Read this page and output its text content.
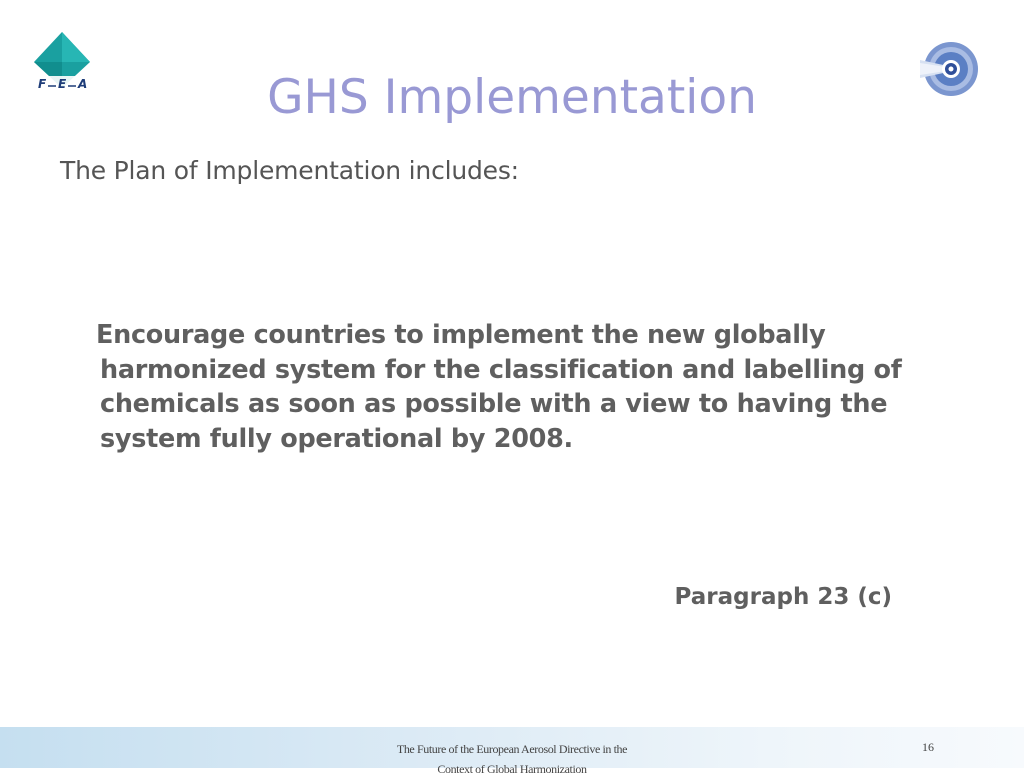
F E A	GHS Implementation

The Plan of Implementation includes:

Encourage countries to implement the new globally harmonized system for the classification and labelling of chemicals as soon as possible with a view to having the system fully operational by 2008.

Paragraph 23 (c)

The Future of the European Aerosol Directive in the
Context of Global Harmonization
16
